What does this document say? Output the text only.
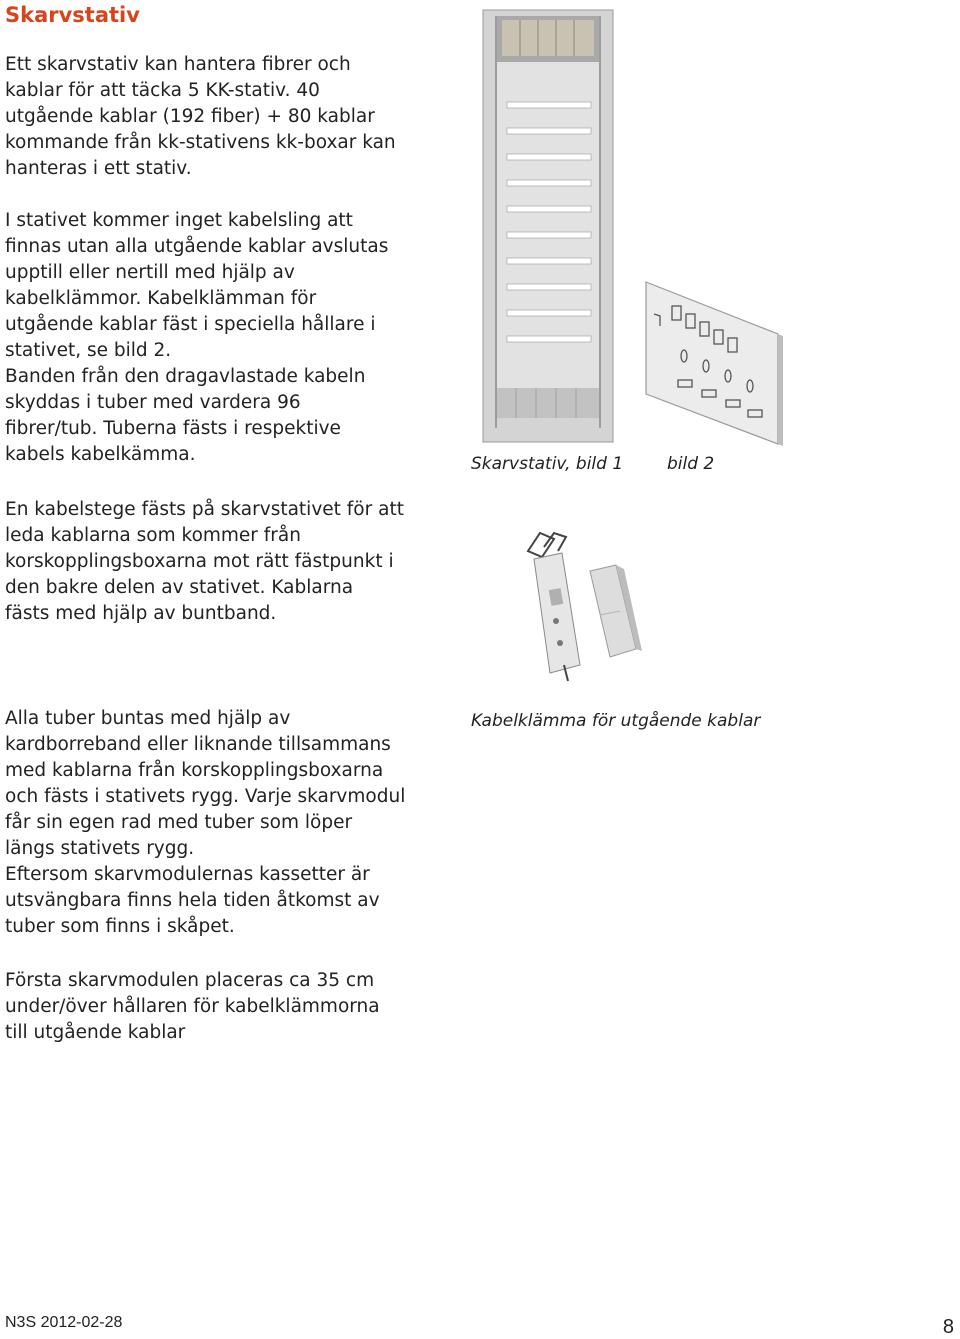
Skarvstativ

Ett skarvstativ kan hantera fibrer och
kablar för att täcka 5 KK-stativ. 40
utgående kablar (192 fiber) + 80 kablar
kommande från kk-stativens kk-boxar kan
hanteras i ett stativ.

I stativet kommer inget kabelsling att
finnas utan alla utgående kablar avslutas
upptill eller nertill med hjälp av
kabelklämmor. Kabelklämman för
utgående kablar fäst i speciella hållare i
stativet, se bild 2.
Banden från den dragavlastade kabeln
skyddas i tuber med vardera 96
fibrer/tub. Tuberna fästs i respektive
kabels kabelkämma.

En kabelstege fästs på skarvstativet för att
leda kablarna som kommer från
korskopplingsboxarna mot rätt fästpunkt i
den bakre delen av stativet. Kablarna
fästs med hjälp av buntband.

Alla tuber buntas med hjälp av
kardborreband eller liknande tillsammans
med kablarna från korskopplingsboxarna
och fästs i stativets rygg. Varje skarvmodul
får sin egen rad med tuber som löper
längs stativets rygg.
Eftersom skarvmodulernas kassetter är
utsvängbara finns hela tiden åtkomst av
tuber som finns i skåpet.

Första skarvmodulen placeras ca 35 cm
under/över hållaren för kabelklämmorna
till utgående kablar

Skarvstativ, bild 1	bild 2

Kabelklämma för utgående kablar

N3S 2012-02-28	8
